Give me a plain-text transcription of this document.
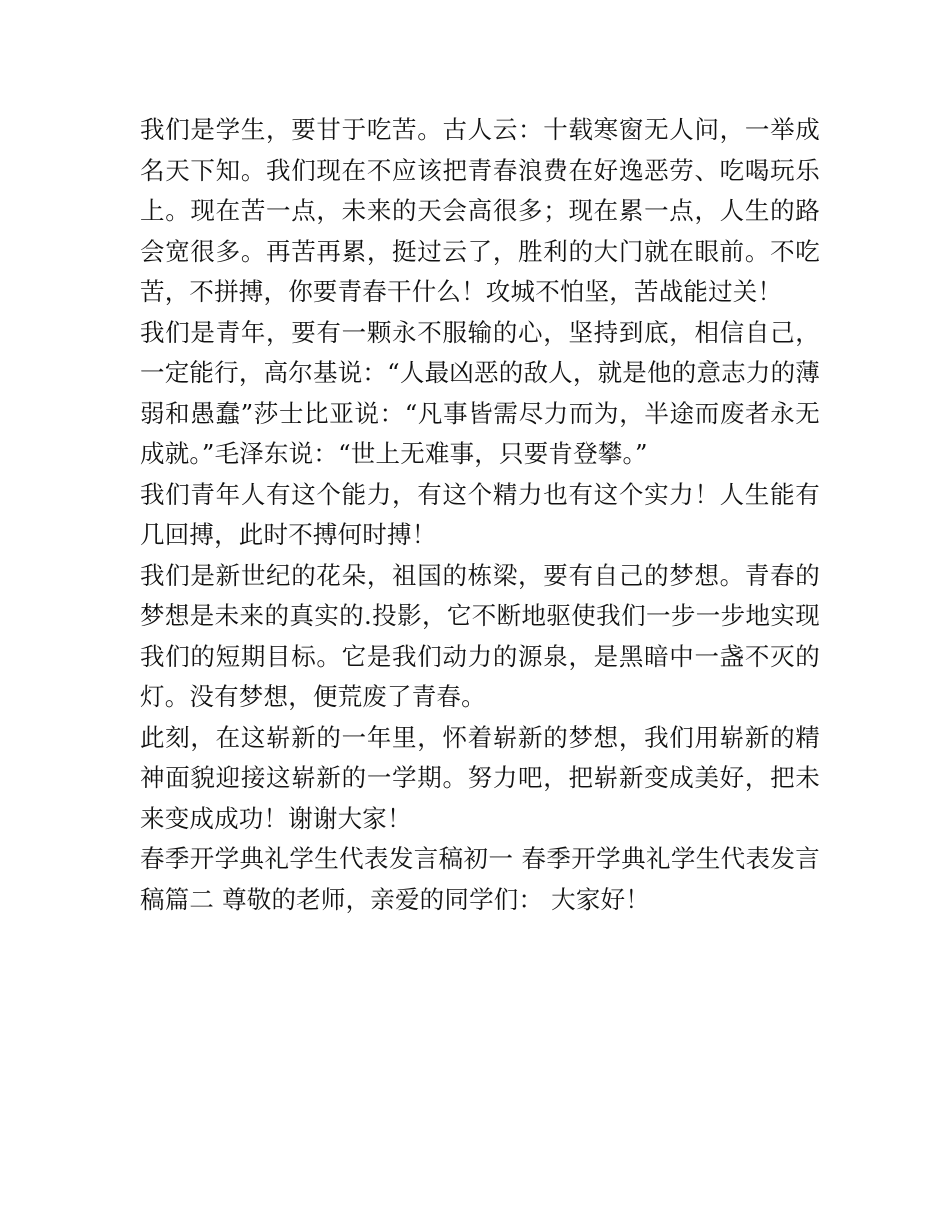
我们是学生，要甘于吃苦。古人云：十载寒窗无人问，一举成名天下知。我们现在不应该把青春浪费在好逸恶劳、吃喝玩乐上。现在苦一点，未来的天会高很多；现在累一点，人生的路会宽很多。再苦再累，挺过云了，胜利的大门就在眼前。不吃苦，不拼搏，你要青春干什么！攻城不怕坚，苦战能过关！

我们是青年，要有一颗永不服输的心，坚持到底，相信自己，一定能行，高尔基说：“人最凶恶的敌人，就是他的意志力的薄弱和愚蠢”莎士比亚说：“凡事皆需尽力而为，半途而废者永无成就。”毛泽东说：“世上无难事，只要肯登攀。”

我们青年人有这个能力，有这个精力也有这个实力！人生能有几回搏，此时不搏何时搏！

我们是新世纪的花朵，祖国的栋梁，要有自己的梦想。青春的梦想是未来的真实的.投影，它不断地驱使我们一步一步地实现我们的短期目标。它是我们动力的源泉，是黑暗中一盏不灭的灯。没有梦想，便荒废了青春。

此刻，在这崭新的一年里，怀着崭新的梦想，我们用崭新的精神面貌迎接这崭新的一学期。努力吧，把崭新变成美好，把未来变成成功！谢谢大家！

春季开学典礼学生代表发言稿初一 春季开学典礼学生代表发言稿篇二 尊敬的老师，亲爱的同学们： 大家好！
